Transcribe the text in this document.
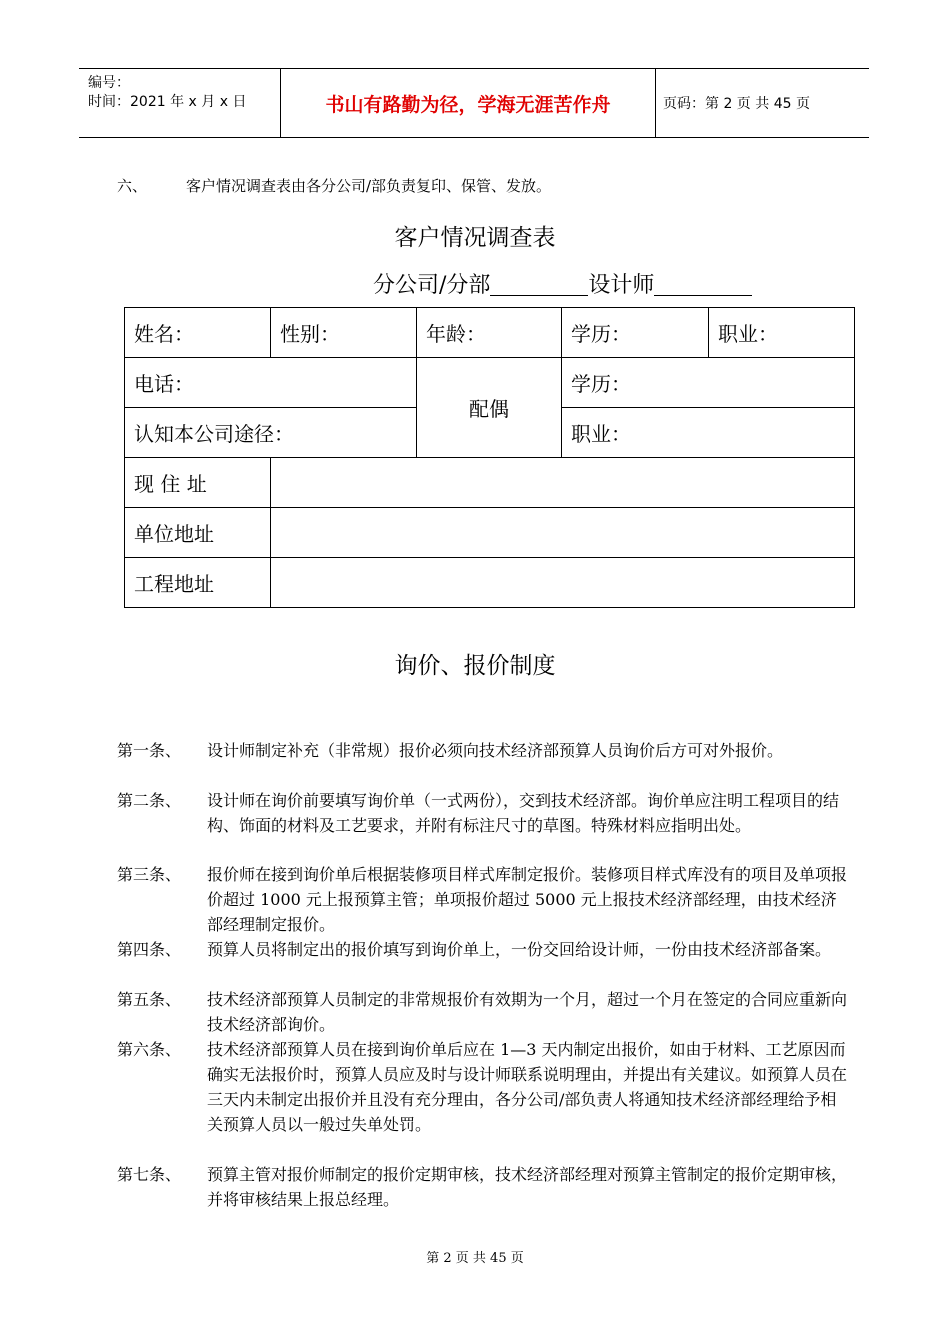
编号：
时间：2021 年 x 月 x 日	书山有路勤为径，学海无涯苦作舟	页码：第 2 页 共 45 页
六、	客户情况调查表由各分公司/部负责复印、保管、发放。
客户情况调查表
分公司/分部	设计师
姓名：	性别：	年龄：	学历：	职业：
电话：		配偶	学历：	
认知本公司途径：			职业：	
现 住 址				
单位地址				
工程地址				
询价、报价制度
第一条、	设计师制定补充（非常规）报价必须向技术经济部预算人员询价后方可对外报价。
第二条、	设计师在询价前要填写询价单（一式两份），交到技术经济部。询价单应注明工程项目的结构、饰面的材料及工艺要求，并附有标注尺寸的草图。特殊材料应指明出处。
第三条、	报价师在接到询价单后根据装修项目样式库制定报价。装修项目样式库没有的项目及单项报价超过 1000 元上报预算主管；单项报价超过 5000 元上报技术经济部经理，由技术经济部经理制定报价。
第四条、	预算人员将制定出的报价填写到询价单上，一份交回给设计师，一份由技术经济部备案。
第五条、	技术经济部预算人员制定的非常规报价有效期为一个月，超过一个月在签定的合同应重新向技术经济部询价。
第六条、	技术经济部预算人员在接到询价单后应在 1—3 天内制定出报价，如由于材料、工艺原因而确实无法报价时，预算人员应及时与设计师联系说明理由，并提出有关建议。如预算人员在三天内未制定出报价并且没有充分理由，各分公司/部负责人将通知技术经济部经理给予相关预算人员以一般过失单处罚。
第七条、	预算主管对报价师制定的报价定期审核，技术经济部经理对预算主管制定的报价定期审核，并将审核结果上报总经理。
第 2 页 共 45 页
